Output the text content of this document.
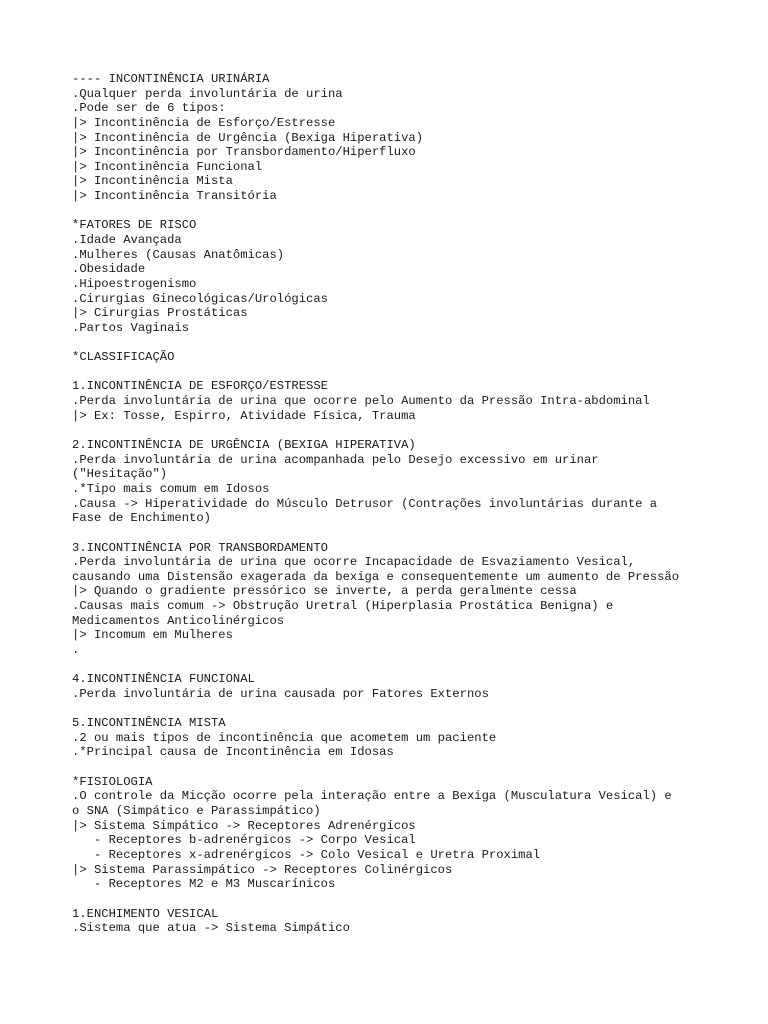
---- INCONTINÊNCIA URINÁRIA
.Qualquer perda involuntária de urina
.Pode ser de 6 tipos:
|> Incontinência de Esforço/Estresse
|> Incontinência de Urgência (Bexiga Hiperativa)
|> Incontinência por Transbordamento/Hiperfluxo
|> Incontinência Funcional
|> Incontinência Mista
|> Incontinência Transitória
*FATORES DE RISCO
.Idade Avançada
.Mulheres (Causas Anatômicas)
.Obesidade
.Hipoestrogenismo
.Cirurgias Ginecológicas/Urológicas
|> Cirurgias Prostáticas
.Partos Vaginais
*CLASSIFICAÇÃO
1.INCONTINÊNCIA DE ESFORÇO/ESTRESSE
.Perda involuntária de urina que ocorre pelo Aumento da Pressão Intra-abdominal
|> Ex: Tosse, Espirro, Atividade Física, Trauma
2.INCONTINÊNCIA DE URGÊNCIA (BEXIGA HIPERATIVA)
.Perda involuntária de urina acompanhada pelo Desejo excessivo em urinar
("Hesitação")
.*Tipo mais comum em Idosos
.Causa -> Hiperatividade do Músculo Detrusor (Contrações involuntárias durante a
Fase de Enchimento)
3.INCONTINÊNCIA POR TRANSBORDAMENTO
.Perda involuntária de urina que ocorre Incapacidade de Esvaziamento Vesical,
causando uma Distensão exagerada da bexiga e consequentemente um aumento de Pressão
|> Quando o gradiente pressórico se inverte, a perda geralmente cessa
.Causas mais comum -> Obstrução Uretral (Hiperplasia Prostática Benigna) e
Medicamentos Anticolinérgicos
|> Incomum em Mulheres
.
4.INCONTINÊNCIA FUNCIONAL
.Perda involuntária de urina causada por Fatores Externos
5.INCONTINÊNCIA MISTA
.2 ou mais tipos de incontinência que acometem um paciente
.*Principal causa de Incontinência em Idosas
*FISIOLOGIA
.O controle da Micção ocorre pela interação entre a Bexiga (Musculatura Vesical) e
o SNA (Simpático e Parassimpático)
|> Sistema Simpático -> Receptores Adrenérgicos
- Receptores b-adrenérgicos -> Corpo Vesical
- Receptores x-adrenérgicos -> Colo Vesical e Uretra Proximal
|> Sistema Parassimpático -> Receptores Colinérgicos
- Receptores M2 e M3 Muscarínicos
1.ENCHIMENTO VESICAL
.Sistema que atua -> Sistema Simpático
